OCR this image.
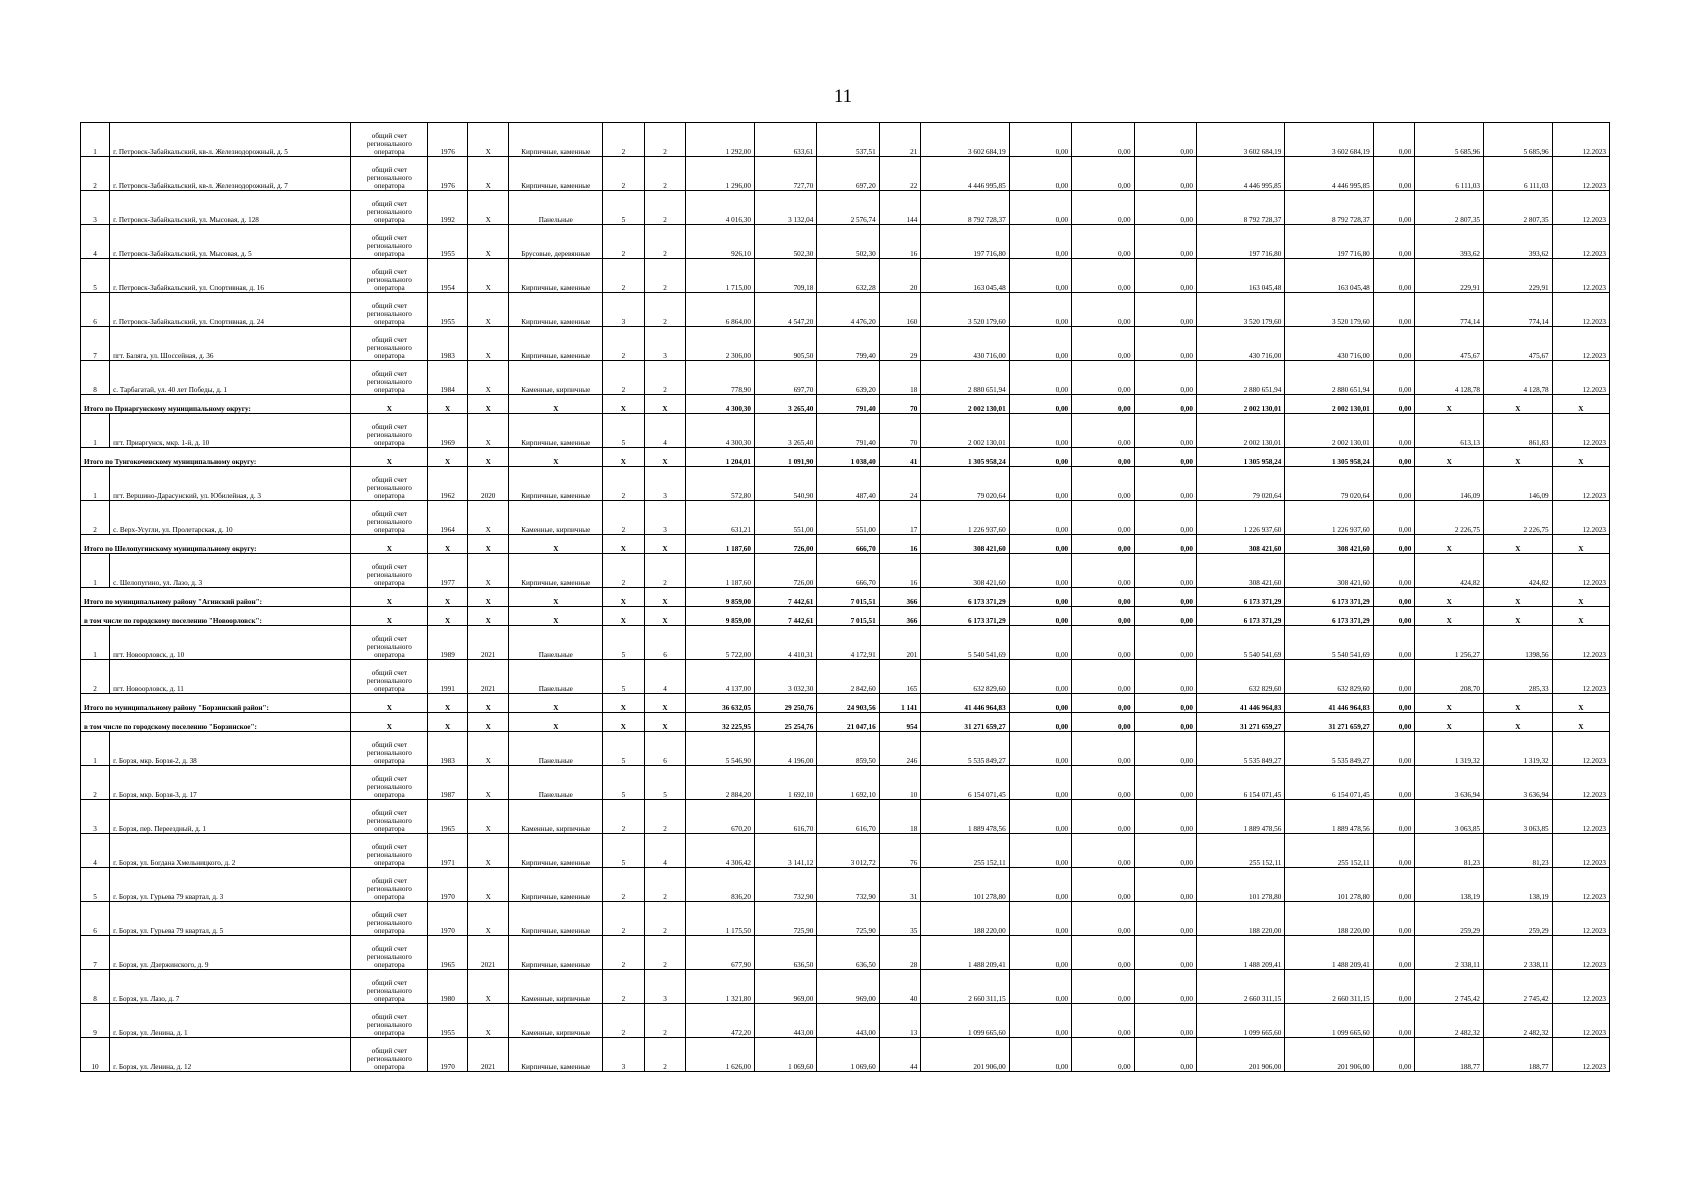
11
1	г. Петровск-Забайкальский, кв-л. Железнодорожный, д. 5	общий счет регионального оператора	1976	X	Кирпичные, каменные	2	2	1 292,00	633,61	537,51	21	3 602 684,19	0,00	0,00	0,00	3 602 684,19	3 602 684,19	0,00	5 685,96	5 685,96	12.2023
2	г. Петровск-Забайкальский, кв-л. Железнодорожный, д. 7	общий счет регионального оператора	1976	X	Кирпичные, каменные	2	2	1 296,00	727,70	697,20	22	4 446 995,85	0,00	0,00	0,00	4 446 995,85	4 446 995,85	0,00	6 111,03	6 111,03	12.2023
3	г. Петровск-Забайкальский, ул. Мысовая, д. 128	общий счет регионального оператора	1992	X	Панельные	5	2	4 016,30	3 132,04	2 576,74	144	8 792 728,37	0,00	0,00	0,00	8 792 728,37	8 792 728,37	0,00	2 807,35	2 807,35	12.2023
4	г. Петровск-Забайкальский, ул. Мысовая, д. 5	общий счет регионального оператора	1955	X	Брусовые, деревянные	2	2	926,10	502,30	502,30	16	197 716,80	0,00	0,00	0,00	197 716,80	197 716,80	0,00	393,62	393,62	12.2023
5	г. Петровск-Забайкальский, ул. Спортивная, д. 16	общий счет регионального оператора	1954	X	Кирпичные, каменные	2	2	1 715,00	709,18	632,28	20	163 045,48	0,00	0,00	0,00	163 045,48	163 045,48	0,00	229,91	229,91	12.2023
6	г. Петровск-Забайкальский, ул. Спортивная, д. 24	общий счет регионального оператора	1955	X	Кирпичные, каменные	3	2	6 864,00	4 547,20	4 476,20	160	3 520 179,60	0,00	0,00	0,00	3 520 179,60	3 520 179,60	0,00	774,14	774,14	12.2023
7	пгт. Балягa, ул. Шоссейная, д. 36	общий счет регионального оператора	1983	X	Кирпичные, каменные	2	3	2 306,00	905,50	799,40	29	430 716,00	0,00	0,00	0,00	430 716,00	430 716,00	0,00	475,67	475,67	12.2023
8	с. Тарбагатай, ул. 40 лет Победы, д. 1	общий счет регионального оператора	1984	X	Каменные, кирпичные	2	2	778,90	697,70	639,20	18	2 880 651,94	0,00	0,00	0,00	2 880 651,94	2 880 651,94	0,00	4 128,78	4 128,78	12.2023
Итого по Приаргунскому муниципальному округу:		X	X	X	X	X	X	4 300,30	3 265,40	791,40	70	2 002 130,01	0,00	0,00	0,00	2 002 130,01	2 002 130,01	0,00	X	X	X
1	пгт. Приаргунск, мкр. 1-й, д. 10	общий счет регионального оператора	1969	X	Кирпичные, каменные	5	4	4 300,30	3 265,40	791,40	70	2 002 130,01	0,00	0,00	0,00	2 002 130,01	2 002 130,01	0,00	613,13	861,83	12.2023
Итого по Тунгокоченскому муниципальному округу:		X	X	X	X	X	X	1 204,01	1 091,90	1 038,40	41	1 305 958,24	0,00	0,00	0,00	1 305 958,24	1 305 958,24	0,00	X	X	X
1	пгт. Вершино-Дарасунский, ул. Юбилейная, д. 3	общий счет регионального оператора	1962	2020	Кирпичные, каменные	2	3	572,80	540,90	487,40	24	79 020,64	0,00	0,00	0,00	79 020,64	79 020,64	0,00	146,09	146,09	12.2023
2	с. Верх-Усугли, ул. Пролетарская, д. 10	общий счет регионального оператора	1964	X	Каменные, кирпичные	2	3	631,21	551,00	551,00	17	1 226 937,60	0,00	0,00	0,00	1 226 937,60	1 226 937,60	0,00	2 226,75	2 226,75	12.2023
Итого по Шелопугинскому муниципальному округу:		X	X	X	X	X	X	1 187,60	726,00	666,70	16	308 421,60	0,00	0,00	0,00	308 421,60	308 421,60	0,00	X	X	X
1	с. Шелопугино, ул. Лазо, д. 3	общий счет регионального оператора	1977	X	Кирпичные, каменные	2	2	1 187,60	726,00	666,70	16	308 421,60	0,00	0,00	0,00	308 421,60	308 421,60	0,00	424,82	424,82	12.2023
Итого по муниципальному району "Агинский район":		X	X	X	X	X	X	9 859,00	7 442,61	7 015,51	366	6 173 371,29	0,00	0,00	0,00	6 173 371,29	6 173 371,29	0,00	X	X	X
в том числе по городскому поселению "Новоорловск":		X	X	X	X	X	X	9 859,00	7 442,61	7 015,51	366	6 173 371,29	0,00	0,00	0,00	6 173 371,29	6 173 371,29	0,00	X	X	X
1	пгт. Новоорловск, д. 10	общий счет регионального оператора	1989	2021	Панельные	5	6	5 722,00	4 410,31	4 172,91	201	5 540 541,69	0,00	0,00	0,00	5 540 541,69	5 540 541,69	0,00	1 256,27	1398,56	12.2023
2	пгт. Новоорловск, д. 11	общий счет регионального оператора	1991	2021	Панельные	5	4	4 137,00	3 032,30	2 842,60	165	632 829,60	0,00	0,00	0,00	632 829,60	632 829,60	0,00	208,70	285,33	12.2023
Итого по муниципальному району "Борзинский район":		X	X	X	X	X	X	36 632,05	29 250,76	24 903,56	1 141	41 446 964,83	0,00	0,00	0,00	41 446 964,83	41 446 964,83	0,00	X	X	X
в том числе по городскому поселению "Борзинское":		X	X	X	X	X	X	32 225,95	25 254,76	21 047,16	954	31 271 659,27	0,00	0,00	0,00	31 271 659,27	31 271 659,27	0,00	X	X	X
1	г. Борзя, мкр. Борзя-2, д. 38	общий счет регионального оператора	1983	X	Панельные	5	6	5 546,90	4 196,00	859,50	246	5 535 849,27	0,00	0,00	0,00	5 535 849,27	5 535 849,27	0,00	1 319,32	1 319,32	12.2023
2	г. Борзя, мкр. Борзя-3, д. 17	общий счет регионального оператора	1987	X	Панельные	5	5	2 884,20	1 692,10	1 692,10	10	6 154 071,45	0,00	0,00	0,00	6 154 071,45	6 154 071,45	0,00	3 636,94	3 636,94	12.2023
3	г. Борзя, пер. Переездный, д. 1	общий счет регионального оператора	1965	X	Каменные, кирпичные	2	2	670,20	616,70	616,70	18	1 889 478,56	0,00	0,00	0,00	1 889 478,56	1 889 478,56	0,00	3 063,85	3 063,85	12.2023
4	г. Борзя, ул. Богдана Хмельницкого, д. 2	общий счет регионального оператора	1971	X	Кирпичные, каменные	5	4	4 306,42	3 141,12	3 012,72	76	255 152,11	0,00	0,00	0,00	255 152,11	255 152,11	0,00	81,23	81,23	12.2023
5	г. Борзя, ул. Гурьева 79 квартал, д. 3	общий счет регионального оператора	1970	X	Кирпичные, каменные	2	2	836,20	732,90	732,90	31	101 278,80	0,00	0,00	0,00	101 278,80	101 278,80	0,00	138,19	138,19	12.2023
6	г. Борзя, ул. Гурьева 79 квартал, д. 5	общий счет регионального оператора	1970	X	Кирпичные, каменные	2	2	1 175,50	725,90	725,90	35	188 220,00	0,00	0,00	0,00	188 220,00	188 220,00	0,00	259,29	259,29	12.2023
7	г. Борзя, ул. Дзержинского, д. 9	общий счет регионального оператора	1965	2021	Кирпичные, каменные	2	2	677,90	636,50	636,50	28	1 488 209,41	0,00	0,00	0,00	1 488 209,41	1 488 209,41	0,00	2 338,11	2 338,11	12.2023
8	г. Борзя, ул. Лазо, д. 7	общий счет регионального оператора	1980	X	Каменные, кирпичные	2	3	1 321,80	969,00	969,00	40	2 660 311,15	0,00	0,00	0,00	2 660 311,15	2 660 311,15	0,00	2 745,42	2 745,42	12.2023
9	г. Борзя, ул. Ленина, д. 1	общий счет регионального оператора	1955	X	Каменные, кирпичные	2	2	472,20	443,00	443,00	13	1 099 665,60	0,00	0,00	0,00	1 099 665,60	1 099 665,60	0,00	2 482,32	2 482,32	12.2023
10	г. Борзя, ул. Ленина, д. 12	общий счет регионального оператора	1970	2021	Кирпичные, каменные	3	2	1 626,00	1 069,60	1 069,60	44	201 906,00	0,00	0,00	0,00	201 906,00	201 906,00	0,00	188,77	188,77	12.2023
